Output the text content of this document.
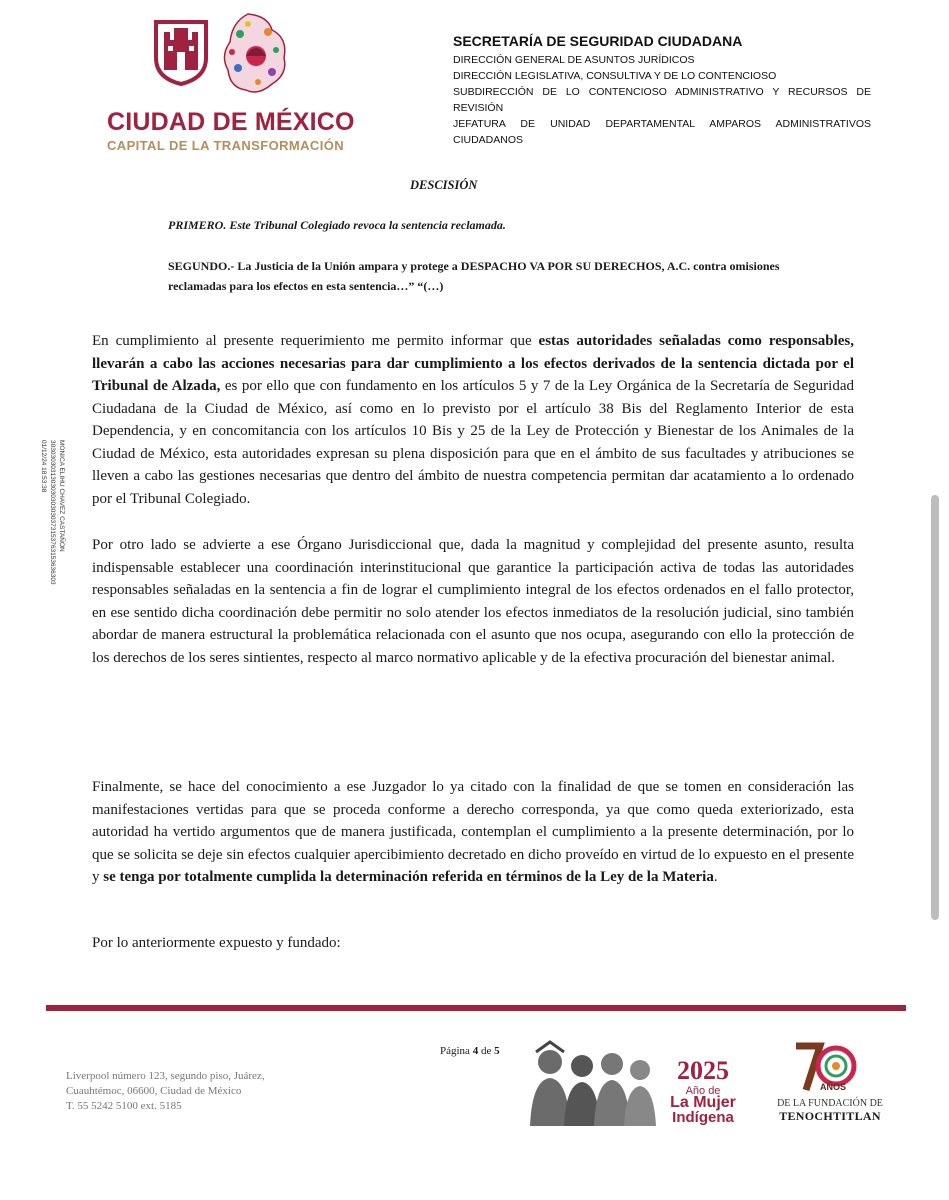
CIUDAD DE MÉXICO
CAPITAL DE LA TRANSFORMACIÓN
SECRETARÍA DE SEGURIDAD CIUDADANA
DIRECCIÓN GENERAL DE ASUNTOS JURÍDICOS
DIRECCIÓN LEGISLATIVA, CONSULTIVA Y DE LO CONTENCIOSO
SUBDIRECCIÓN DE LO CONTENCIOSO ADMINISTRATIVO Y RECURSOS DE REVISIÓN
JEFATURA DE UNIDAD DEPARTAMENTAL AMPAROS ADMINISTRATIVOS CIUDADANOS
DESCISIÓN
PRIMERO. Este Tribunal Colegiado revoca la sentencia reclamada.
SEGUNDO.- La Justicia de la Unión ampara y protege a DESPACHO VA POR SU DERECHOS, A.C. contra omisiones reclamadas para los efectos en esta sentencia…” “(…)
En cumplimiento al presente requerimiento me permito informar que estas autoridades señaladas como responsables, llevarán a cabo las acciones necesarias para dar cumplimiento a los efectos derivados de la sentencia dictada por el Tribunal de Alzada, es por ello que con fundamento en los artículos 5 y 7 de la Ley Orgánica de la Secretaría de Seguridad Ciudadana de la Ciudad de México, así como en lo previsto por el artículo 38 Bis del Reglamento Interior de esta Dependencia, y en concomitancia con los artículos 10 Bis y 25 de la Ley de Protección y Bienestar de los Animales de la Ciudad de México, esta autoridades expresan su plena disposición para que en el ámbito de sus facultades y atribuciones se lleven a cabo las gestiones necesarias que dentro del ámbito de nuestra competencia permitan dar acatamiento a lo ordenado por el Tribunal Colegiado.
Por otro lado se advierte a ese Órgano Jurisdiccional que, dada la magnitud y complejidad del presente asunto, resulta indispensable establecer una coordinación interinstitucional que garantice la participación activa de todas las autoridades responsables señaladas en la sentencia a fin de lograr el cumplimiento integral de los efectos ordenados en el fallo protector, en ese sentido dicha coordinación debe permitir no solo atender los efectos inmediatos de la resolución judicial, sino también abordar de manera estructural la problemática relacionada con el asunto que nos ocupa, asegurando con ello la protección de los derechos de los seres sintientes, respecto al marco normativo aplicable y de la efectiva procuración del bienestar animal.
Finalmente, se hace del conocimiento a ese Juzgador lo ya citado con la finalidad de que se tomen en consideración las manifestaciones vertidas para que se proceda conforme a derecho corresponda, ya que como queda exteriorizado, esta autoridad ha vertido argumentos que de manera justificada, contemplan el cumplimiento a la presente determinación, por lo que se solicita se deje sin efectos cualquier apercibimiento decretado en dicho proveído en virtud de lo expuesto en el presente y se tenga por totalmente cumplida la determinación referida en términos de la Ley de la Materia.
Por lo anteriormente expuesto y fundado:
MONICA ELIHU CHAVEZ CASTAÑON
3030303031303030303030373153763153636303
01/12/24 18:53:38
Página 4 de 5
Liverpool número 123, segundo piso, Juárez,
Cuauhtémoc, 06600, Ciudad de México
T. 55 5242 5100 ext. 5185
2025
Año de
La Mujer
Indígena
AÑOS
DE LA FUNDACIÓN DE
TENOCHTITLAN
